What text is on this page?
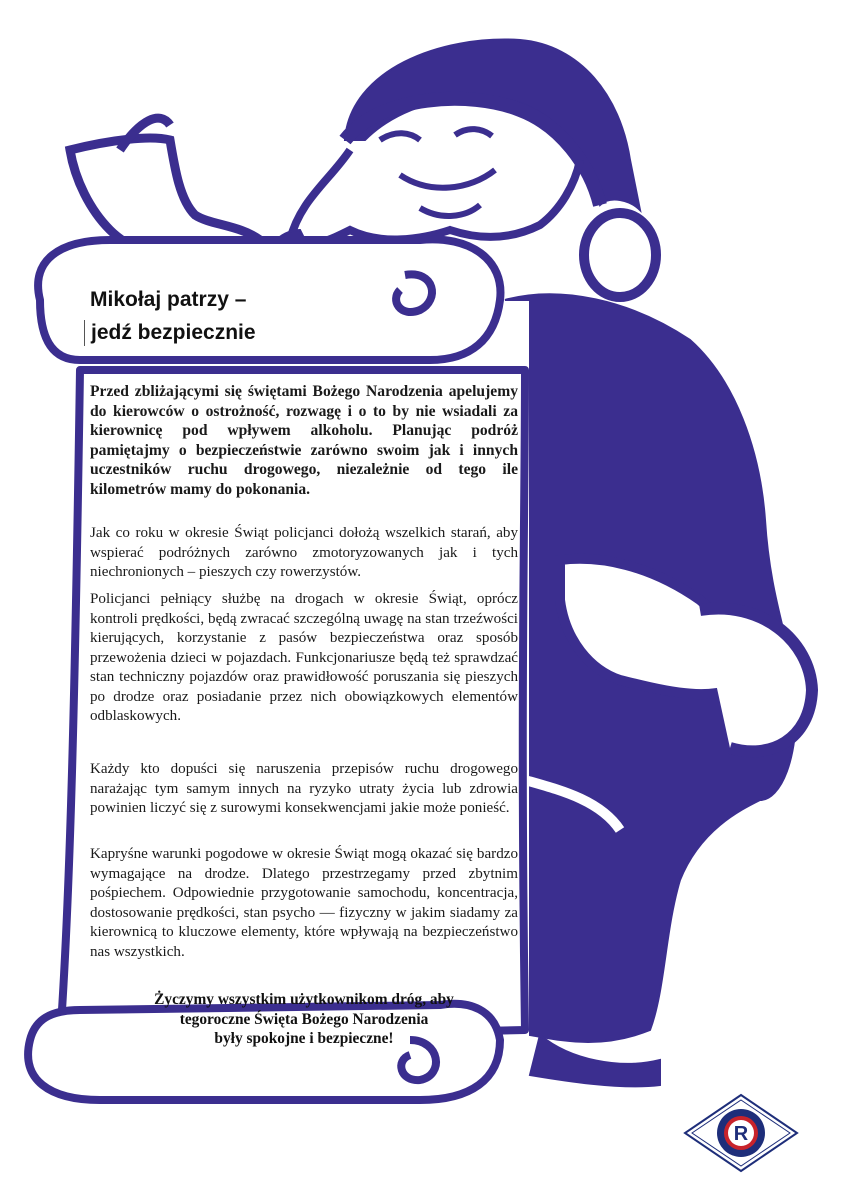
Mikołaj patrzy –
jedź bezpiecznie

Przed zbliżającymi się świętami Bożego Narodzenia apelujemy do kierowców o ostrożność, rozwagę i o to by nie wsiadali za kierownicę pod wpływem alkoholu. Planując podróż pamiętajmy o bezpieczeństwie zarówno swoim jak i innych uczestników ruchu drogowego, niezależnie od tego ile kilometrów mamy do pokonania.

Jak co roku w okresie Świąt policjanci dołożą wszelkich starań, aby wspierać podróżnych zarówno zmotoryzowanych jak i tych niechronionych – pieszych czy rowerzystów.

Policjanci pełniący służbę na drogach w okresie Świąt, oprócz kontroli prędkości, będą zwracać szczególną uwagę na stan trzeźwości kierujących, korzystanie z pasów bezpieczeństwa oraz sposób przewożenia dzieci w pojazdach. Funkcjonariusze będą też sprawdzać stan techniczny pojazdów oraz prawidłowość poruszania się pieszych po drodze oraz posiadanie przez nich obowiązkowych elementów odblaskowych.

Każdy kto dopuści się naruszenia przepisów ruchu drogowego narażając tym samym innych na ryzyko utraty życia lub zdrowia powinien liczyć się z surowymi konsekwencjami jakie może ponieść.

Kapryśne warunki pogodowe w okresie Świąt mogą okazać się bardzo wymagające na drodze. Dlatego przestrzegamy przed zbytnim pośpiechem. Odpowiednie przygotowanie samochodu, koncentracja, dostosowanie prędkości, stan psycho — fizyczny w jakim siadamy za kierownicą to kluczowe elementy, które wpływają na bezpieczeństwo nas wszystkich.

Życzymy wszystkim użytkownikom dróg, aby
tegoroczne Święta Bożego Narodzenia
były spokojne i bezpieczne!

R
